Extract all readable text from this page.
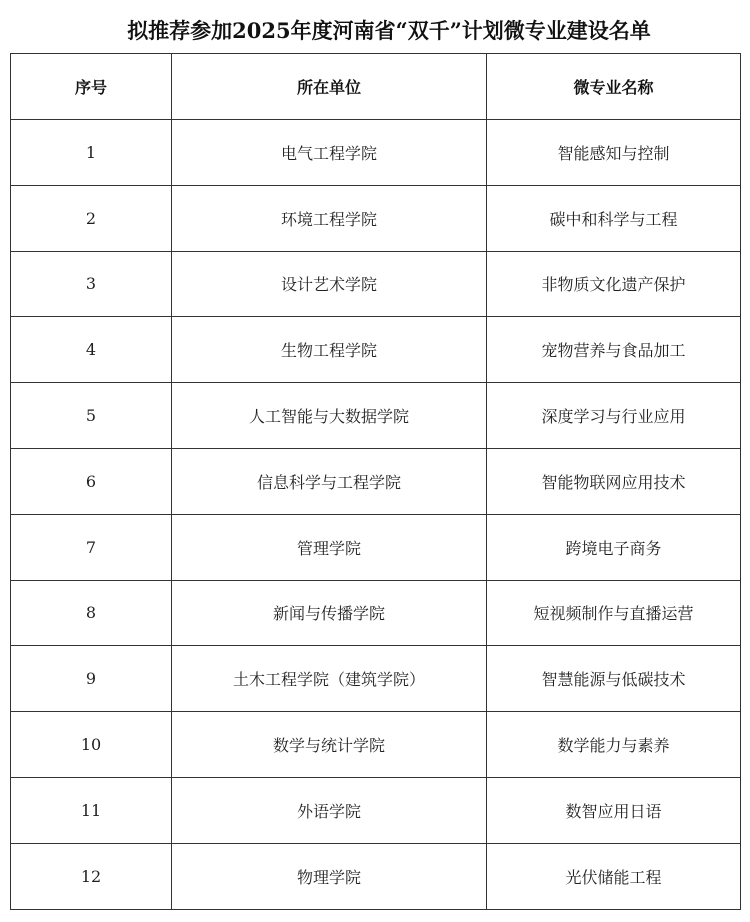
拟推荐参加2025年度河南省“双千”计划微专业建设名单
序号	所在单位	微专业名称
1	电气工程学院	智能感知与控制
2	环境工程学院	碳中和科学与工程
3	设计艺术学院	非物质文化遗产保护
4	生物工程学院	宠物营养与食品加工
5	人工智能与大数据学院	深度学习与行业应用
6	信息科学与工程学院	智能物联网应用技术
7	管理学院	跨境电子商务
8	新闻与传播学院	短视频制作与直播运营
9	土木工程学院（建筑学院）	智慧能源与低碳技术
10	数学与统计学院	数学能力与素养
11	外语学院	数智应用日语
12	物理学院	光伏储能工程
